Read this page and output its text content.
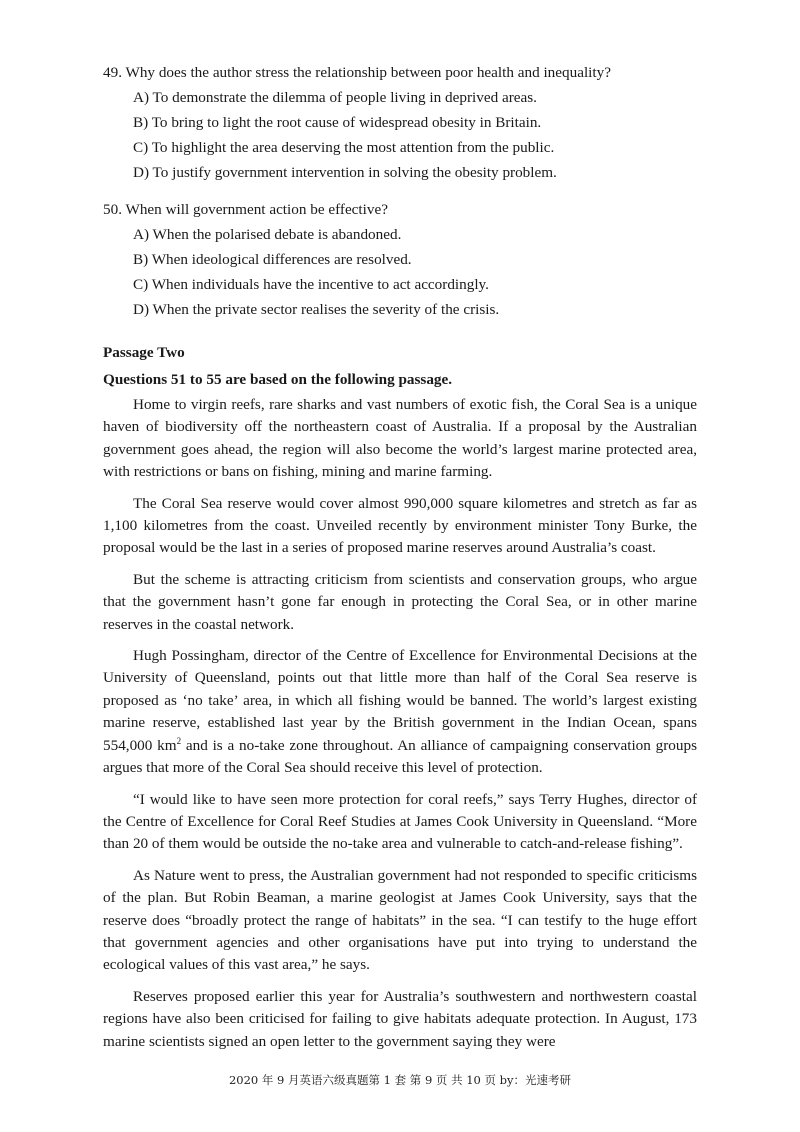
49. Why does the author stress the relationship between poor health and inequality?

A) To demonstrate the dilemma of people living in deprived areas.

B) To bring to light the root cause of widespread obesity in Britain.

C) To highlight the area deserving the most attention from the public.

D) To justify government intervention in solving the obesity problem.

50. When will government action be effective?

A) When the polarised debate is abandoned.

B) When ideological differences are resolved.

C) When individuals have the incentive to act accordingly.

D) When the private sector realises the severity of the crisis.

Passage Two

Questions 51 to 55 are based on the following passage.

Home to virgin reefs, rare sharks and vast numbers of exotic fish, the Coral Sea is a unique haven of biodiversity off the northeastern coast of Australia. If a proposal by the Australian government goes ahead, the region will also become the world’s largest marine protected area, with restrictions or bans on fishing, mining and marine farming.

The Coral Sea reserve would cover almost 990,000 square kilometres and stretch as far as 1,100 kilometres from the coast. Unveiled recently by environment minister Tony Burke, the proposal would be the last in a series of proposed marine reserves around Australia’s coast.

But the scheme is attracting criticism from scientists and conservation groups, who argue that the government hasn’t gone far enough in protecting the Coral Sea, or in other marine reserves in the coastal network.

Hugh Possingham, director of the Centre of Excellence for Environmental Decisions at the University of Queensland, points out that little more than half of the Coral Sea reserve is proposed as ‘no take’ area, in which all fishing would be banned. The world’s largest existing marine reserve, established last year by the British government in the Indian Ocean, spans 554,000 $km^2$ and is a no-take zone throughout. An alliance of campaigning conservation groups argues that more of the Coral Sea should receive this level of protection.

“I would like to have seen more protection for coral reefs,” says Terry Hughes, director of the Centre of Excellence for Coral Reef Studies at James Cook University in Queensland. “More than 20 of them would be outside the no-take area and vulnerable to catch-and-release fishing”.

As Nature went to press, the Australian government had not responded to specific criticisms of the plan. But Robin Beaman, a marine geologist at James Cook University, says that the reserve does “broadly protect the range of habitats” in the sea. “I can testify to the huge effort that government agencies and other organisations have put into trying to understand the ecological values of this vast area,” he says.

Reserves proposed earlier this year for Australia’s southwestern and northwestern coastal regions have also been criticised for failing to give habitats adequate protection. In August, 173 marine scientists signed an open letter to the government saying they were

2020 年 9 月英语六级真题第 1 套 第 9 页 共 10 页 by：光速考研
